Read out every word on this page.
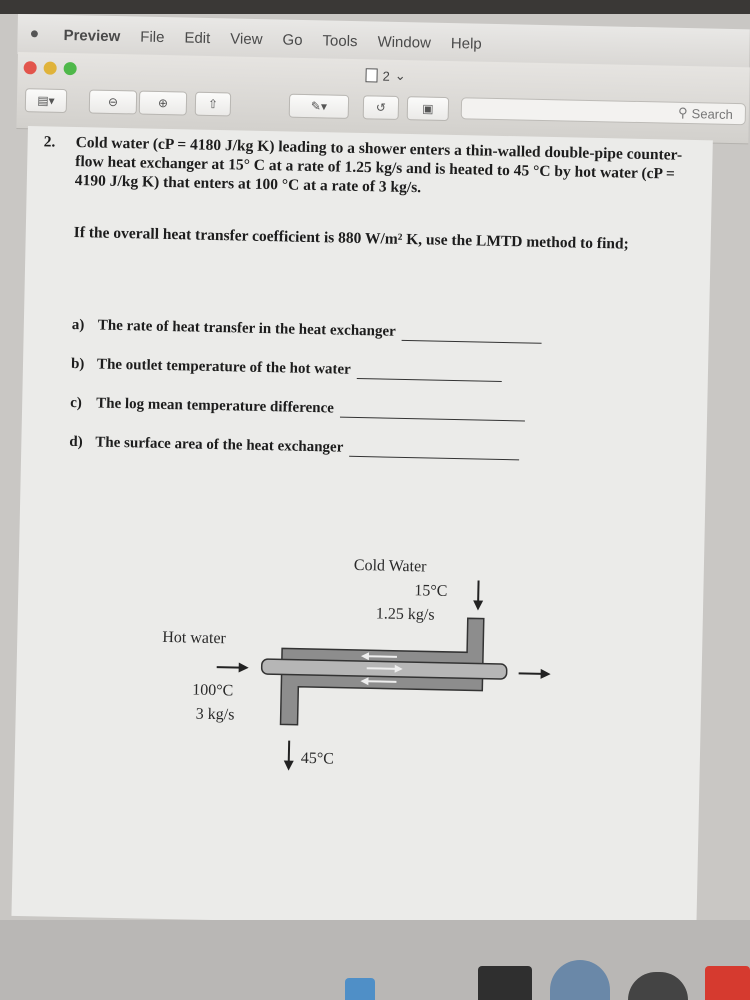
●	Preview File Edit View Go Tools Window Help
2 ⌄
▤▾	⊖	⊕	⇧	✎▾	↺	▣	⚲ Search
2. Cold water (cP = 4180 J/kg K) leading to a shower enters a thin-walled double-pipe counter-flow heat exchanger at 15° C at a rate of 1.25 kg/s and is heated to 45 °C by hot water (cP = 4190 J/kg K) that enters at 100 °C at a rate of 3 kg/s.
If the overall heat transfer coefficient is 880 W/m² K, use the LMTD method to find;
a) The rate of heat transfer in the heat exchanger
b) The outlet temperature of the hot water
c) The log mean temperature difference
d) The surface area of the heat exchanger
Cold Water
15°C
1.25 kg/s
Hot water
100°C
3 kg/s
45°C
